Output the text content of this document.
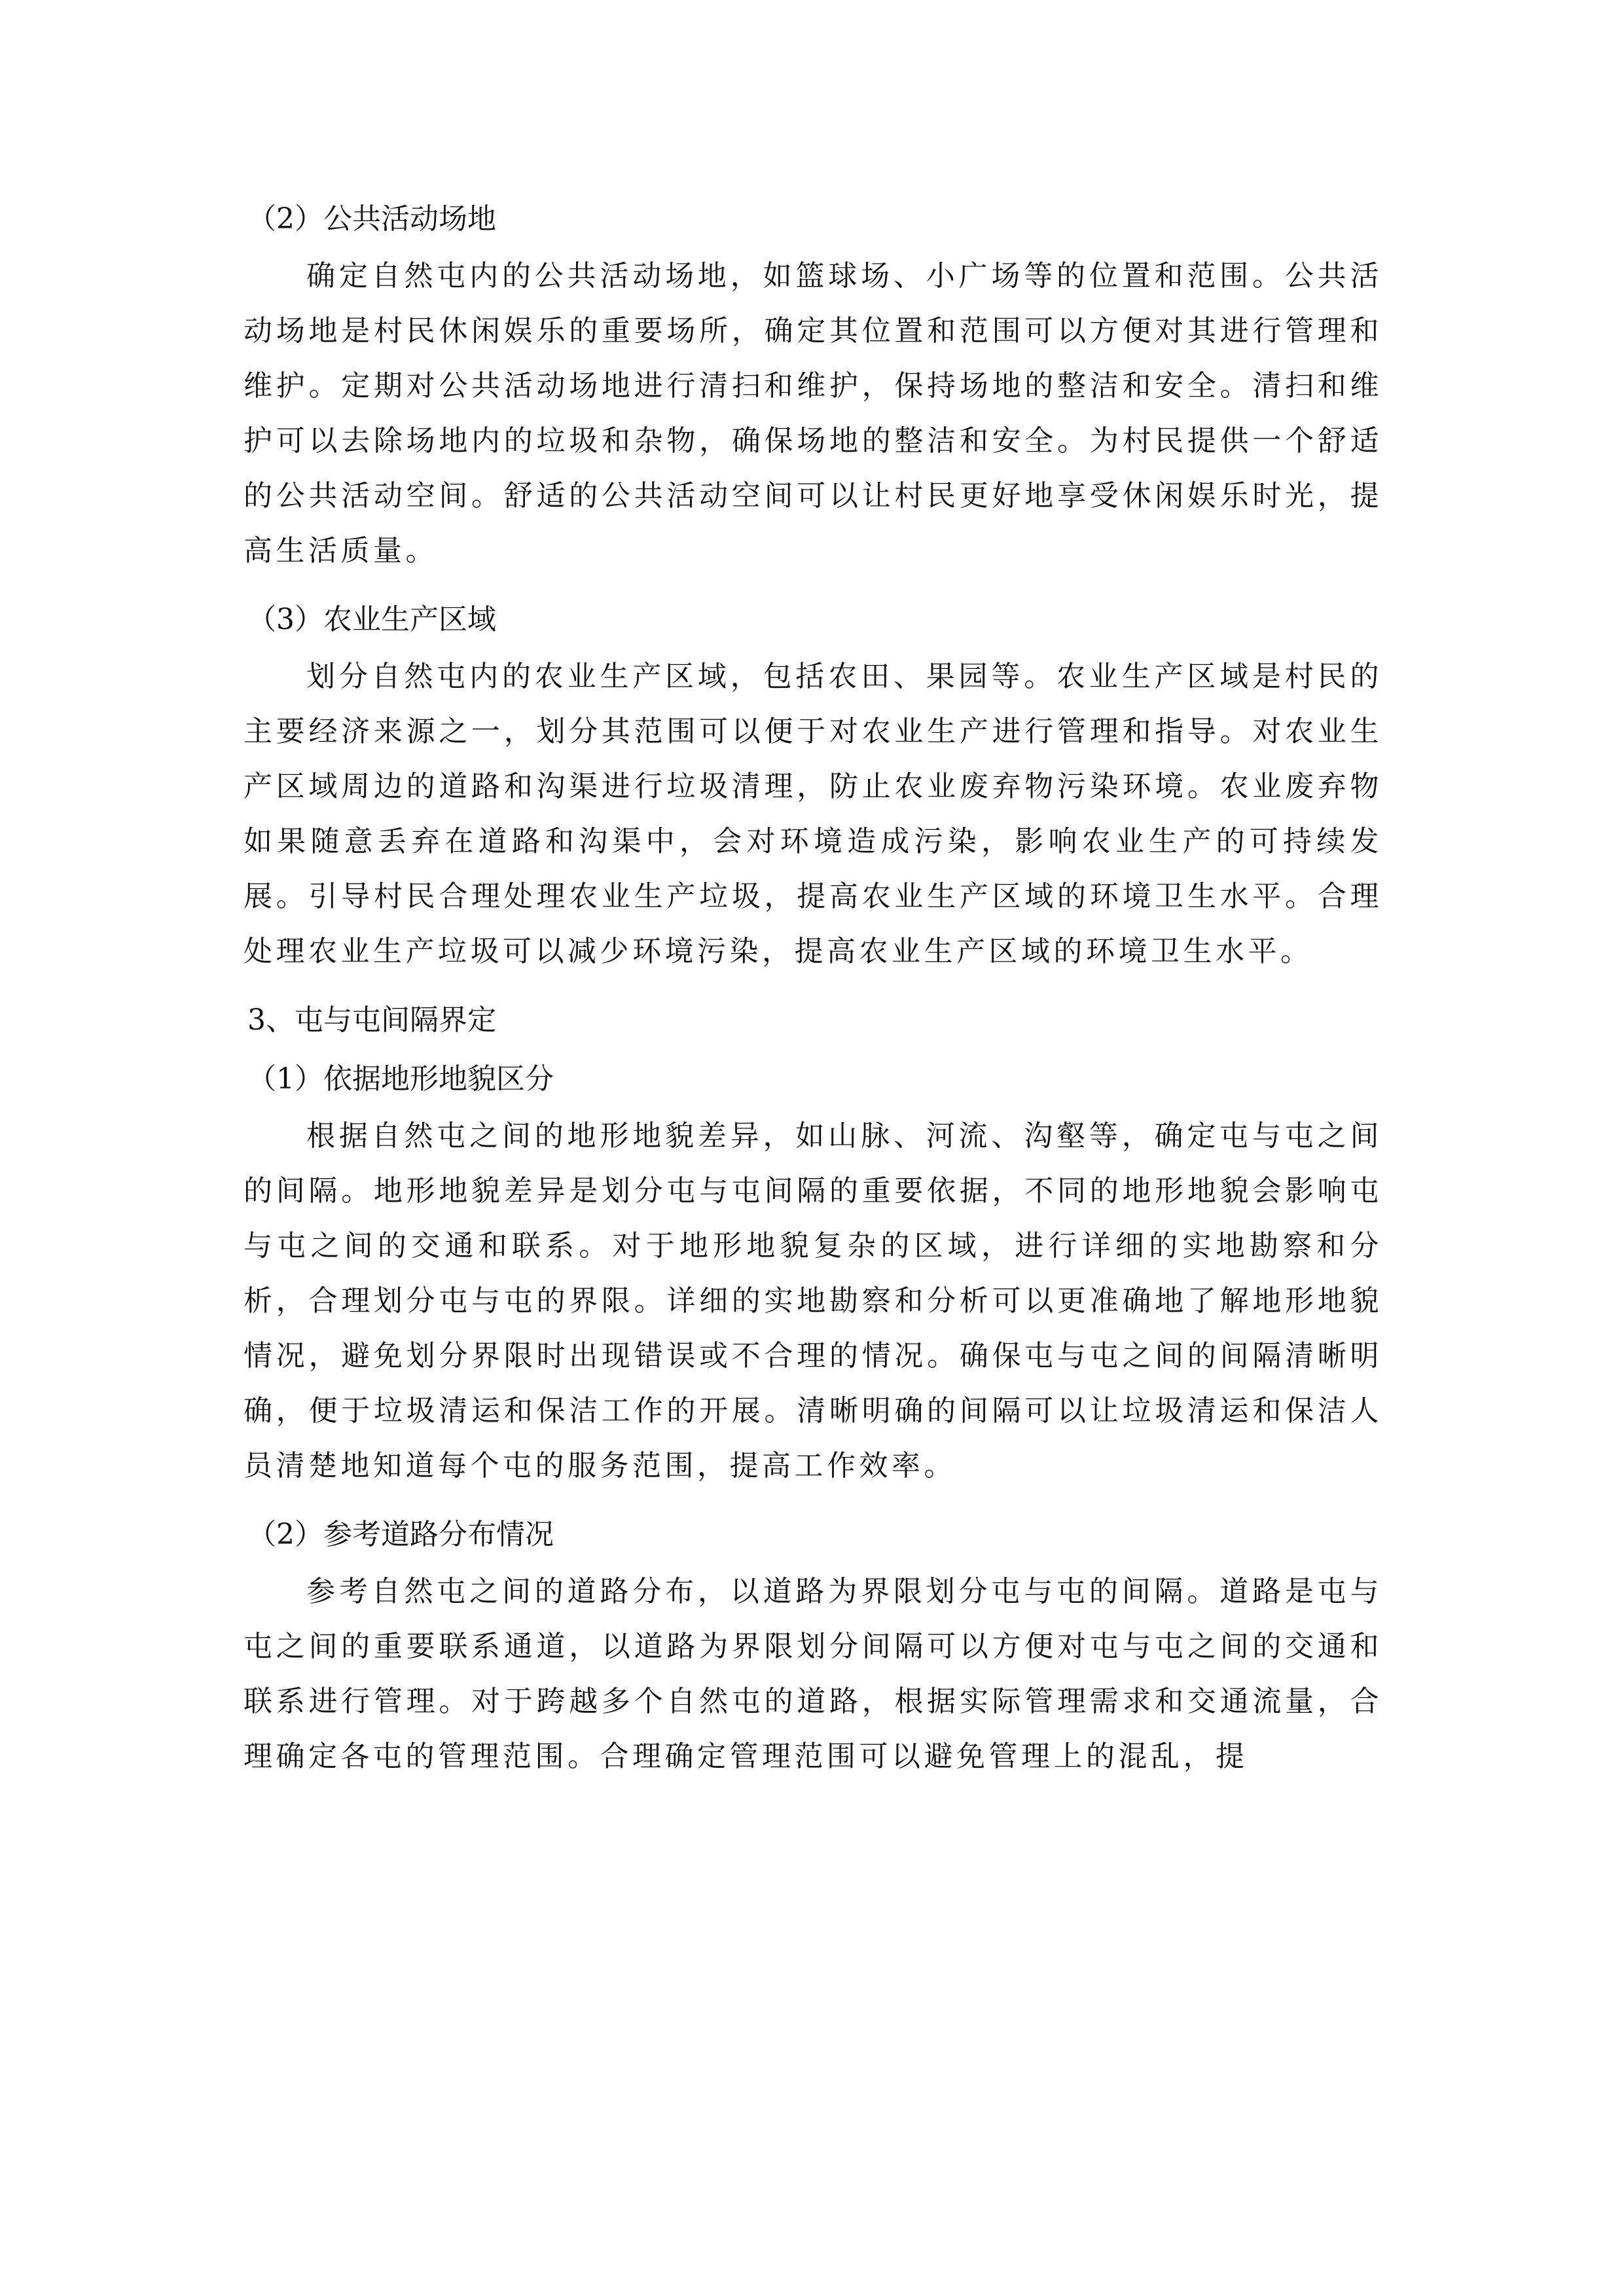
（2）公共活动场地

确定自然屯内的公共活动场地，如篮球场、小广场等的位置和范围。公共活动场地是村民休闲娱乐的重要场所，确定其位置和范围可以方便对其进行管理和维护。定期对公共活动场地进行清扫和维护，保持场地的整洁和安全。清扫和维护可以去除场地内的垃圾和杂物，确保场地的整洁和安全。为村民提供一个舒适的公共活动空间。舒适的公共活动空间可以让村民更好地享受休闲娱乐时光，提高生活质量。

（3）农业生产区域

划分自然屯内的农业生产区域，包括农田、果园等。农业生产区域是村民的主要经济来源之一，划分其范围可以便于对农业生产进行管理和指导。对农业生产区域周边的道路和沟渠进行垃圾清理，防止农业废弃物污染环境。农业废弃物如果随意丢弃在道路和沟渠中，会对环境造成污染，影响农业生产的可持续发展。引导村民合理处理农业生产垃圾，提高农业生产区域的环境卫生水平。合理处理农业生产垃圾可以减少环境污染，提高农业生产区域的环境卫生水平。

3、屯与屯间隔界定

（1）依据地形地貌区分

根据自然屯之间的地形地貌差异，如山脉、河流、沟壑等，确定屯与屯之间的间隔。地形地貌差异是划分屯与屯间隔的重要依据，不同的地形地貌会影响屯与屯之间的交通和联系。对于地形地貌复杂的区域，进行详细的实地勘察和分析，合理划分屯与屯的界限。详细的实地勘察和分析可以更准确地了解地形地貌情况，避免划分界限时出现错误或不合理的情况。确保屯与屯之间的间隔清晰明确，便于垃圾清运和保洁工作的开展。清晰明确的间隔可以让垃圾清运和保洁人员清楚地知道每个屯的服务范围，提高工作效率。

（2）参考道路分布情况

参考自然屯之间的道路分布，以道路为界限划分屯与屯的间隔。道路是屯与屯之间的重要联系通道，以道路为界限划分间隔可以方便对屯与屯之间的交通和联系进行管理。对于跨越多个自然屯的道路，根据实际管理需求和交通流量，合理确定各屯的管理范围。合理确定管理范围可以避免管理上的混乱，提
